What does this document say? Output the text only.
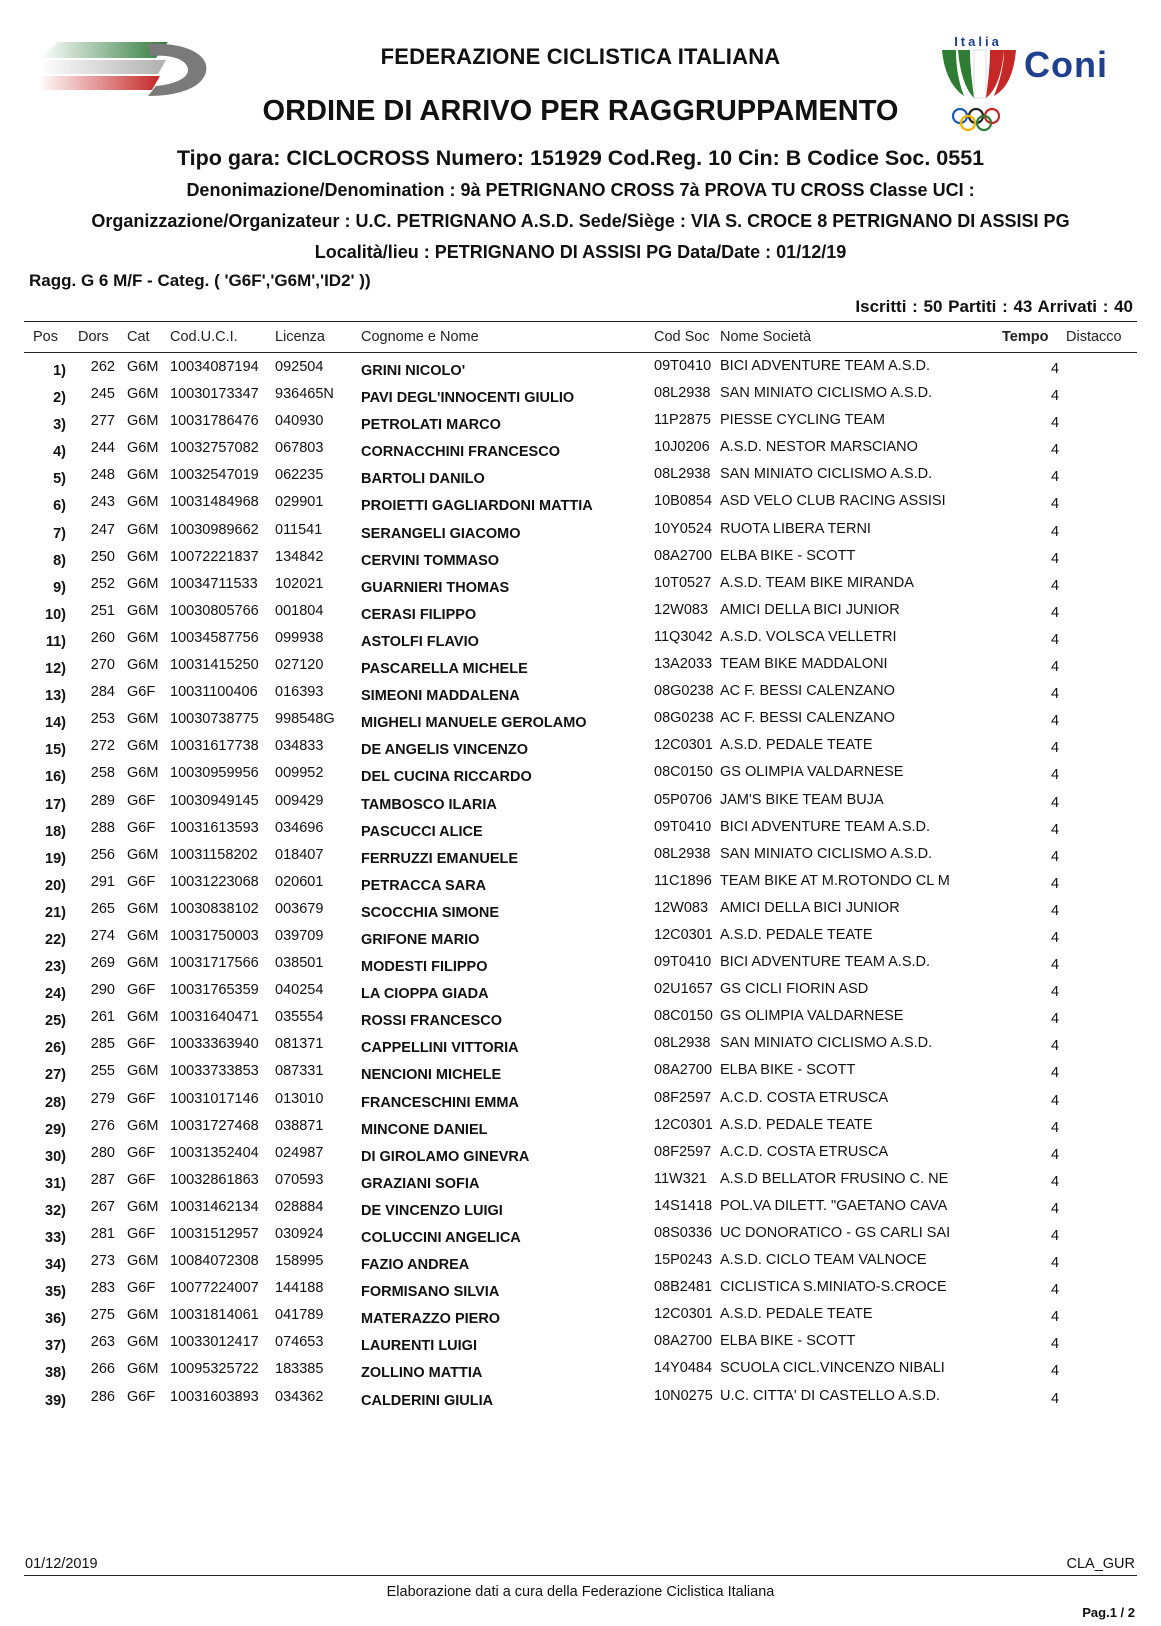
Italia
Coni
FEDERAZIONE CICLISTICA ITALIANA
ORDINE DI ARRIVO PER RAGGRUPPAMENTO
Tipo gara: CICLOCROSS Numero: 151929 Cod.Reg. 10 Cin: B Codice Soc. 0551
Denonimazione/Denomination : 9à PETRIGNANO CROSS 7à PROVA TU CROSS Classe UCI :
Organizzazione/Organizateur : U.C. PETRIGNANO A.S.D. Sede/Siège : VIA S. CROCE 8 PETRIGNANO DI ASSISI PG
Località/lieu : PETRIGNANO DI ASSISI PG Data/Date : 01/12/19
Ragg. G 6 M/F - Categ. ( 'G6F','G6M','ID2' ))
Iscritti : 50 Partiti : 43 Arrivati : 40
Pos Dors Cat Cod.U.C.I.	Licenza Cognome e Nome	Cod Soc Nome Società	Tempo Distacco
1)	262 G6M 10034087194	092504	GRINI NICOLO'	09T0410 BICI ADVENTURE TEAM A.S.D.	4
2)	245 G6M 10030173347	936465N	PAVI DEGL'INNOCENTI GIULIO	08L2938 SAN MINIATO CICLISMO A.S.D.	4
3)	277 G6M 10031786476	040930	PETROLATI MARCO	11P2875 PIESSE CYCLING TEAM	4
4)	244 G6M 10032757082	067803	CORNACCHINI FRANCESCO	10J0206 A.S.D. NESTOR MARSCIANO	4
5)	248 G6M 10032547019	062235	BARTOLI DANILO	08L2938 SAN MINIATO CICLISMO A.S.D.	4
6)	243 G6M 10031484968	029901	PROIETTI GAGLIARDONI MATTIA	10B0854 ASD VELO CLUB RACING ASSISI	4
7)	247 G6M 10030989662	011541	SERANGELI GIACOMO	10Y0524 RUOTA LIBERA TERNI	4
8)	250 G6M 10072221837	134842	CERVINI TOMMASO	08A2700 ELBA BIKE - SCOTT	4
9)	252 G6M 10034711533	102021	GUARNIERI THOMAS	10T0527 A.S.D. TEAM BIKE MIRANDA	4
10)	251 G6M 10030805766	001804	CERASI FILIPPO	12W083 AMICI DELLA BICI JUNIOR	4
11)	260 G6M 10034587756	099938	ASTOLFI FLAVIO	11Q3042 A.S.D. VOLSCA VELLETRI	4
12)	270 G6M 10031415250	027120	PASCARELLA MICHELE	13A2033 TEAM BIKE MADDALONI	4
13)	284 G6F	10031100406	016393	SIMEONI MADDALENA	08G0238 AC F. BESSI CALENZANO	4
14)	253 G6M 10030738775	998548G	MIGHELI MANUELE GEROLAMO	08G0238 AC F. BESSI CALENZANO	4
15)	272 G6M 10031617738	034833	DE ANGELIS VINCENZO	12C0301 A.S.D. PEDALE TEATE	4
16)	258 G6M 10030959956	009952	DEL CUCINA RICCARDO	08C0150 GS OLIMPIA VALDARNESE	4
17)	289 G6F	10030949145	009429	TAMBOSCO ILARIA	05P0706 JAM'S BIKE TEAM BUJA	4
18)	288 G6F	10031613593	034696	PASCUCCI ALICE	09T0410 BICI ADVENTURE TEAM A.S.D.	4
19)	256 G6M 10031158202	018407	FERRUZZI EMANUELE	08L2938 SAN MINIATO CICLISMO A.S.D.	4
20)	291 G6F	10031223068	020601	PETRACCA SARA	11C1896 TEAM BIKE AT M.ROTONDO CL M	4
21)	265 G6M 10030838102	003679	SCOCCHIA SIMONE	12W083 AMICI DELLA BICI JUNIOR	4
22)	274 G6M 10031750003	039709	GRIFONE MARIO	12C0301 A.S.D. PEDALE TEATE	4
23)	269 G6M 10031717566	038501	MODESTI FILIPPO	09T0410 BICI ADVENTURE TEAM A.S.D.	4
24)	290 G6F	10031765359	040254	LA CIOPPA GIADA	02U1657 GS CICLI FIORIN ASD	4
25)	261 G6M 10031640471	035554	ROSSI FRANCESCO	08C0150 GS OLIMPIA VALDARNESE	4
26)	285 G6F	10033363940	081371	CAPPELLINI VITTORIA	08L2938 SAN MINIATO CICLISMO A.S.D.	4
27)	255 G6M 10033733853	087331	NENCIONI MICHELE	08A2700 ELBA BIKE - SCOTT	4
28)	279 G6F	10031017146	013010	FRANCESCHINI EMMA	08F2597 A.C.D. COSTA ETRUSCA	4
29)	276 G6M 10031727468	038871	MINCONE DANIEL	12C0301 A.S.D. PEDALE TEATE	4
30)	280 G6F	10031352404	024987	DI GIROLAMO GINEVRA	08F2597 A.C.D. COSTA ETRUSCA	4
31)	287 G6F	10032861863	070593	GRAZIANI SOFIA	11W321 A.S.D BELLATOR FRUSINO C. NE	4
32)	267 G6M 10031462134	028884	DE VINCENZO LUIGI	14S1418 POL.VA DILETT. "GAETANO CAVA	4
33)	281 G6F	10031512957	030924	COLUCCINI ANGELICA	08S0336 UC DONORATICO - GS CARLI SAI	4
34)	273 G6M 10084072308	158995	FAZIO ANDREA	15P0243 A.S.D. CICLO TEAM VALNOCE	4
35)	283 G6F	10077224007	144188	FORMISANO SILVIA	08B2481 CICLISTICA S.MINIATO-S.CROCE	4
36)	275 G6M 10031814061	041789	MATERAZZO PIERO	12C0301 A.S.D. PEDALE TEATE	4
37)	263 G6M 10033012417	074653	LAURENTI LUIGI	08A2700 ELBA BIKE - SCOTT	4
38)	266 G6M 10095325722	183385	ZOLLINO MATTIA	14Y0484 SCUOLA CICL.VINCENZO NIBALI	4
39)	286 G6F	10031603893	034362	CALDERINI GIULIA	10N0275 U.C. CITTA' DI CASTELLO A.S.D.	4
01/12/2019	CLA_GUR
Elaborazione dati a cura della Federazione Ciclistica Italiana
Pag.1 / 2
